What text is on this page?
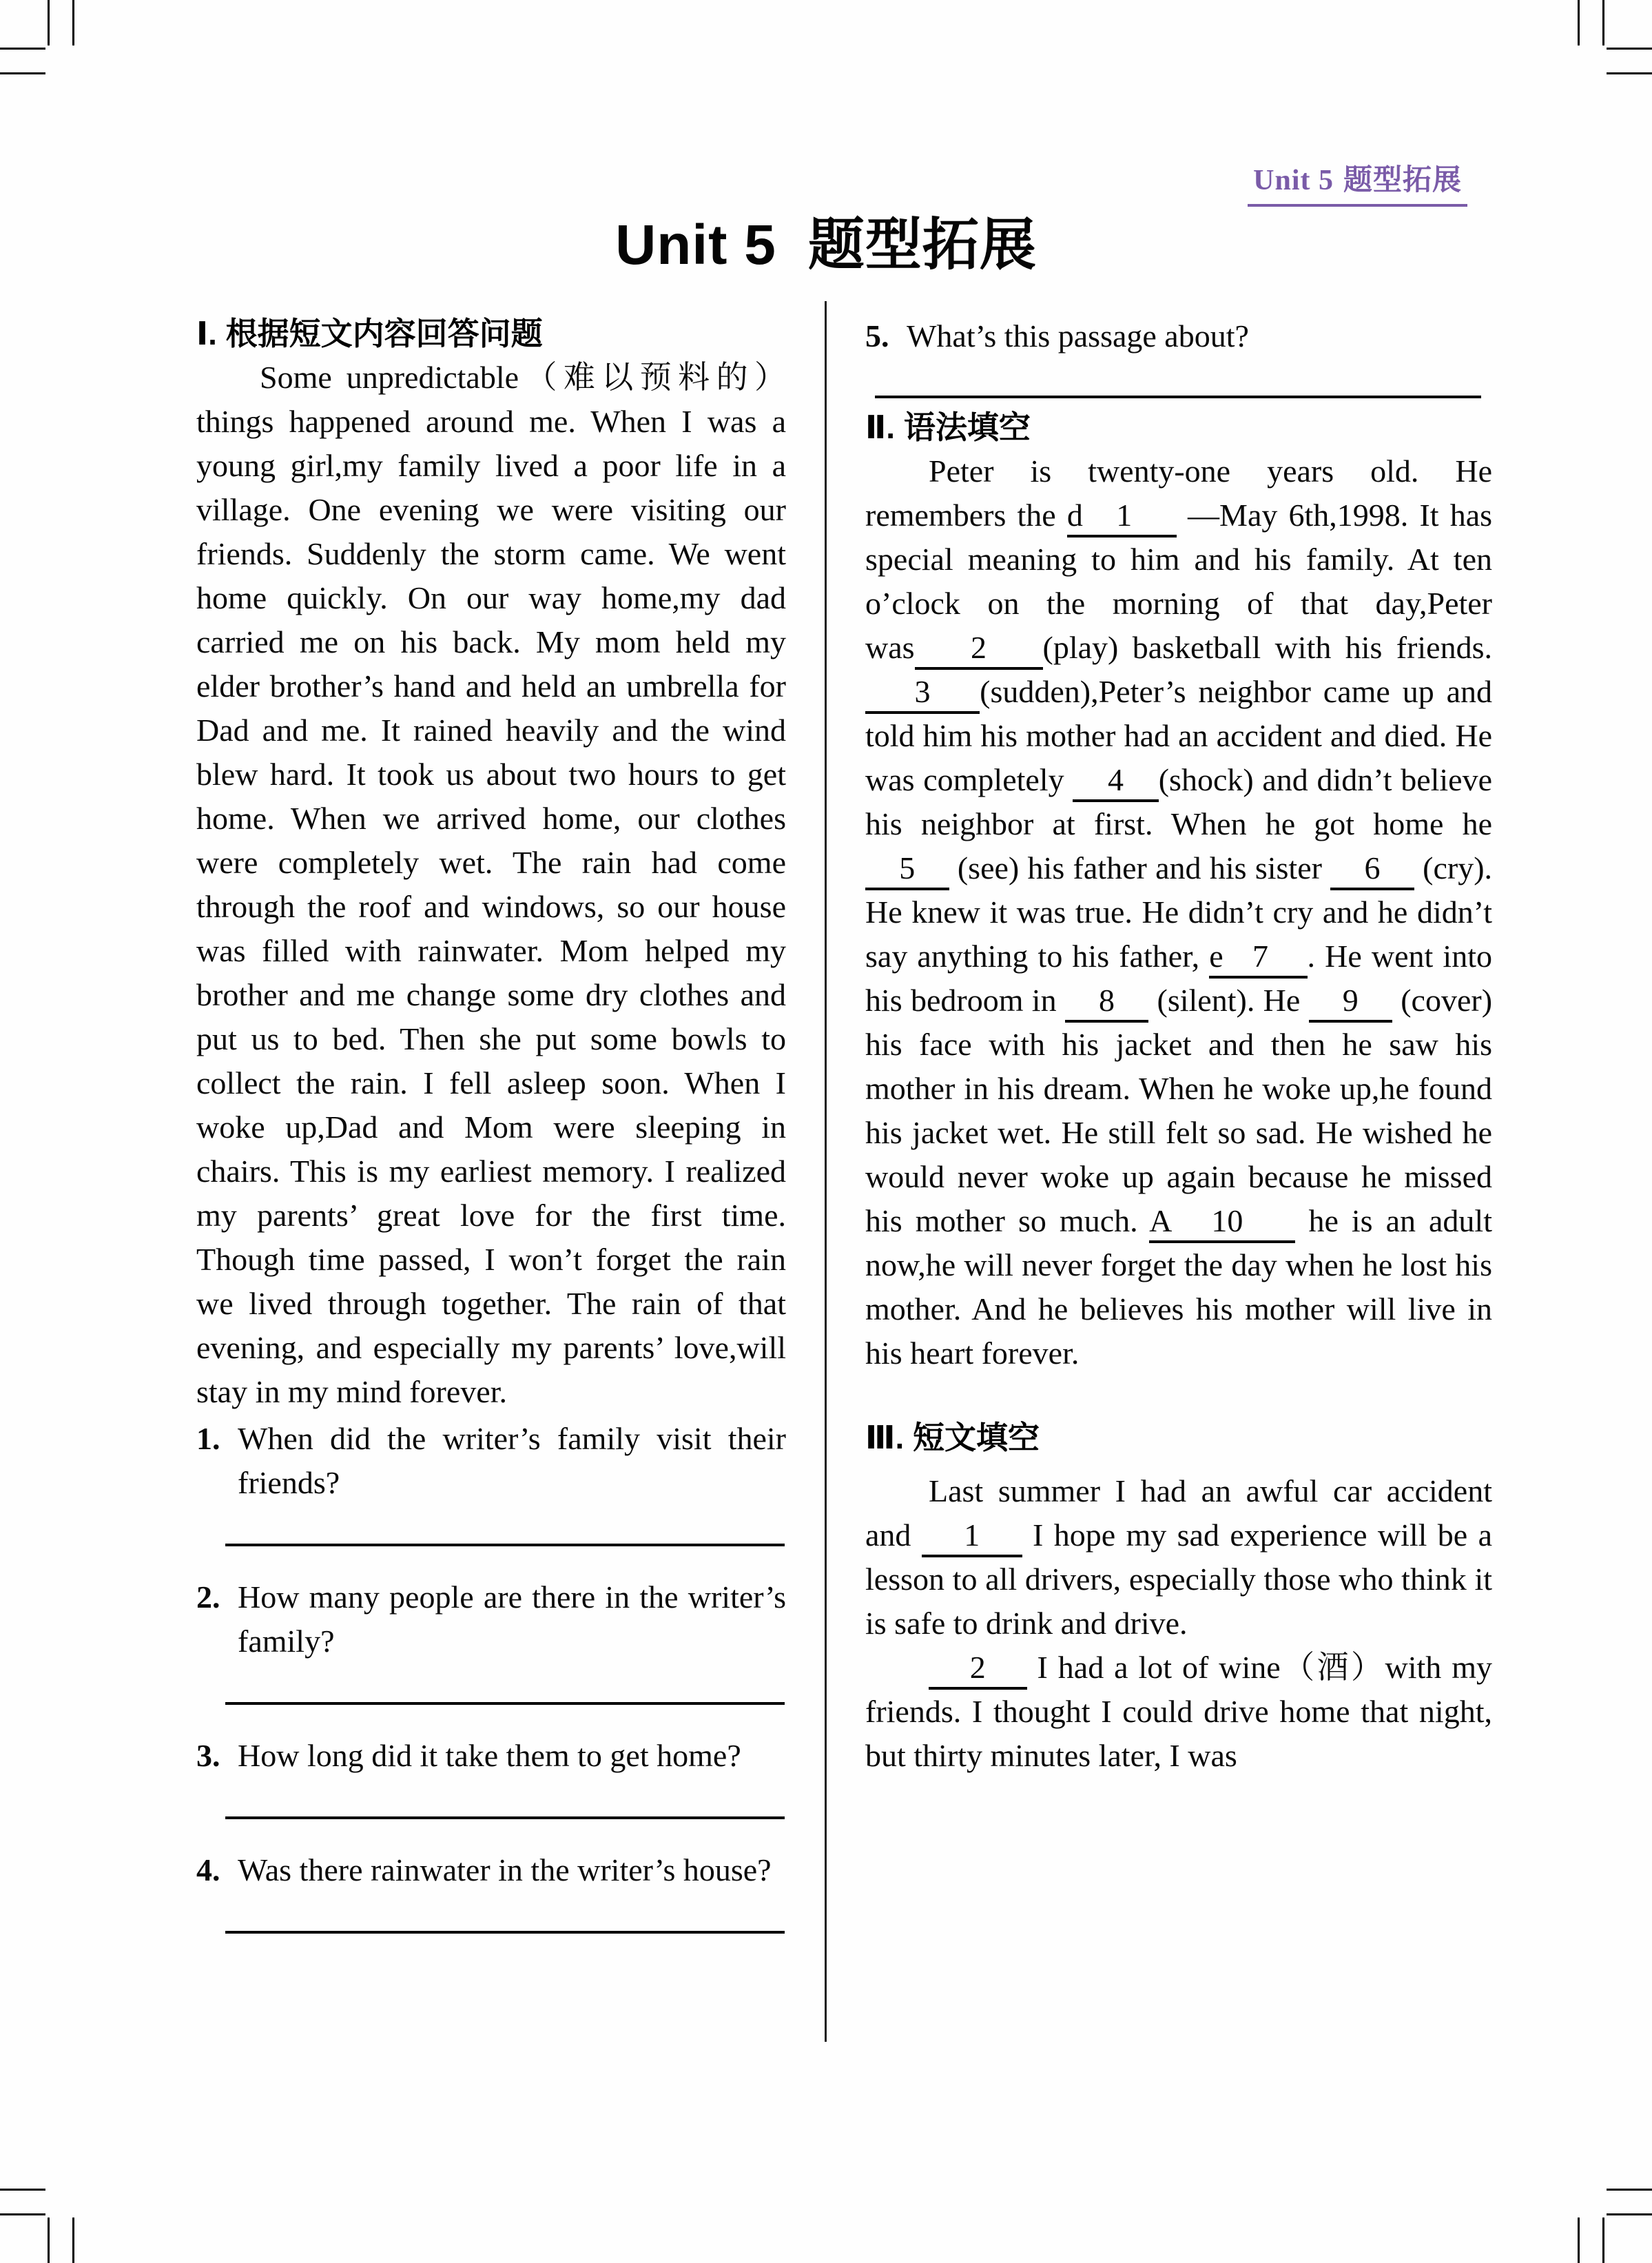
Unit 5 题型拓展
Unit 5 题型拓展
Ⅰ. 根据短文内容回答问题
Some unpredictable（难以预料的）things happened around me. When I was a young girl,my family lived a poor life in a village. One evening we were visiting our friends. Suddenly the storm came. We went home quickly. On our way home,my dad carried me on his back. My mom held my elder brother’s hand and held an umbrella for Dad and me. It rained heavily and the wind blew hard. It took us about two hours to get home. When we arrived home, our clothes were completely wet. The rain had come through the roof and windows, so our house was filled with rainwater. Mom helped my brother and me change some dry clothes and put us to bed. Then she put some bowls to collect the rain. I fell asleep soon. When I woke up,Dad and Mom were sleeping in chairs. This is my earliest memory. I realized my parents’ great love for the first time. Though time passed, I won’t forget the rain we lived through together. The rain of that evening, and especially my parents’ love,will stay in my mind forever.
1. When did the writer’s family visit their friends?
2. How many people are there in the writer’s family?
3. How long did it take them to get home?
4. Was there rainwater in the writer’s house?
5. What’s this passage about?
Ⅱ. 语法填空
Peter is twenty-one years old. He remembers the d   1     —May 6th,1998. It has special meaning to him and his family. At ten o’clock on the morning of that day,Peter was    2    (play) basketball with his friends.     3    (sudden),Peter’s neighbor came up and told him his mother had an accident and died. He was completely     4    (shock) and didn’t believe his neighbor at first. When he got home he     5     (see) his father and his sister     6     (cry). He knew it was true. He didn’t cry and he didn’t say anything to his father, e   7    . He went into his bedroom in     8     (silent). He     9     (cover) his face with his jacket and then he saw his mother in his dream. When he woke up,he found his jacket wet. He still felt so sad. He wished he would never woke up again because he missed his mother so much. A   10     he is an adult now,he will never forget the day when he lost his mother. And he believes his mother will live in his heart forever.
Ⅲ. 短文填空
Last summer I had an awful car accident and     1     I hope my sad experience will be a lesson to all drivers, especially those who think it is safe to drink and drive.
2     I had a lot of wine（酒）with my friends. I thought I could drive home that night, but thirty minutes later, I was
